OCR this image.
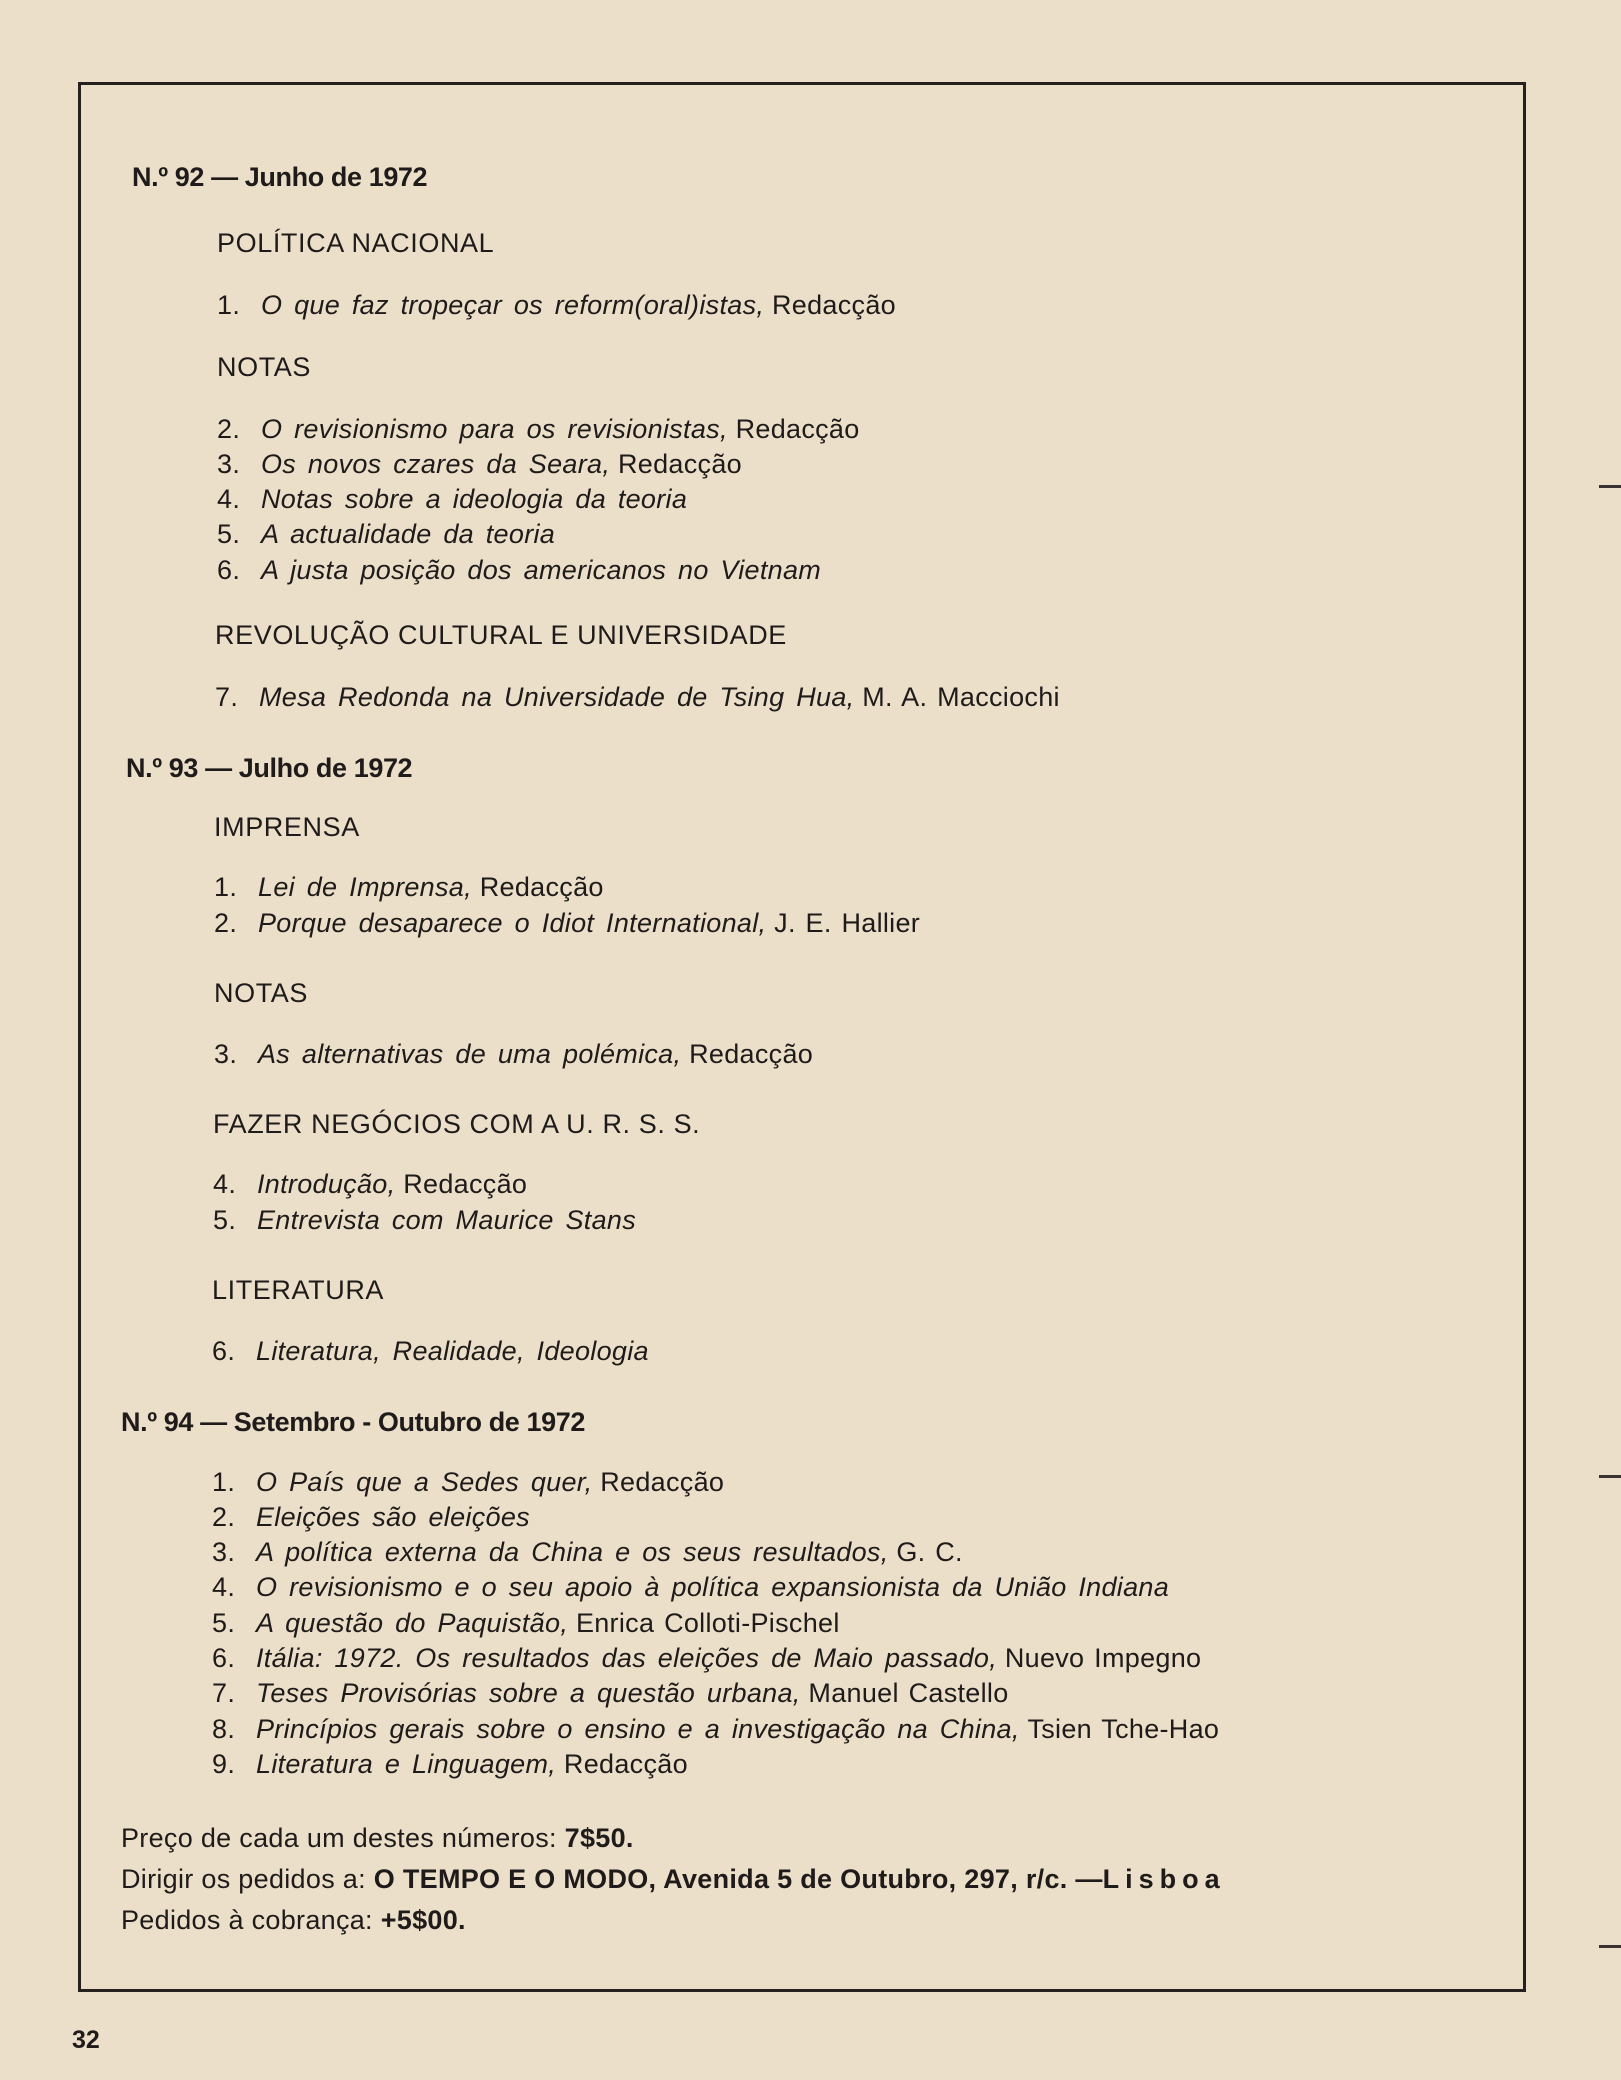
N.º 92 — Junho de 1972
POLÍTICA NACIONAL
1. O que faz tropeçar os reform(oral)istas, Redacção
NOTAS
2. O revisionismo para os revisionistas, Redacção
3. Os novos czares da Seara, Redacção
4. Notas sobre a ideologia da teoria
5. A actualidade da teoria
6. A justa posição dos americanos no Vietnam
REVOLUÇÃO CULTURAL E UNIVERSIDADE
7. Mesa Redonda na Universidade de Tsing Hua, M. A. Macciochi
N.º 93 — Julho de 1972
IMPRENSA
1. Lei de Imprensa, Redacção
2. Porque desaparece o Idiot International, J. E. Hallier
NOTAS
3. As alternativas de uma polémica, Redacção
FAZER NEGÓCIOS COM A U. R. S. S.
4. Introdução, Redacção
5. Entrevista com Maurice Stans
LITERATURA
6. Literatura, Realidade, Ideologia
N.º 94 — Setembro - Outubro de 1972
1. O País que a Sedes quer, Redacção
2. Eleições são eleições
3. A política externa da China e os seus resultados, G. C.
4. O revisionismo e o seu apoio à política expansionista da União Indiana
5. A questão do Paquistão, Enrica Colloti-Pischel
6. Itália: 1972. Os resultados das eleições de Maio passado, Nuevo Impegno
7. Teses Provisórias sobre a questão urbana, Manuel Castello
8. Princípios gerais sobre o ensino e a investigação na China, Tsien Tche-Hao
9. Literatura e Linguagem, Redacção
Preço de cada um destes números: 7$50.
Dirigir os pedidos a: O TEMPO E O MODO, Avenida 5 de Outubro, 297, r/c. —Lisboa
Pedidos à cobrança: +5$00.
32
